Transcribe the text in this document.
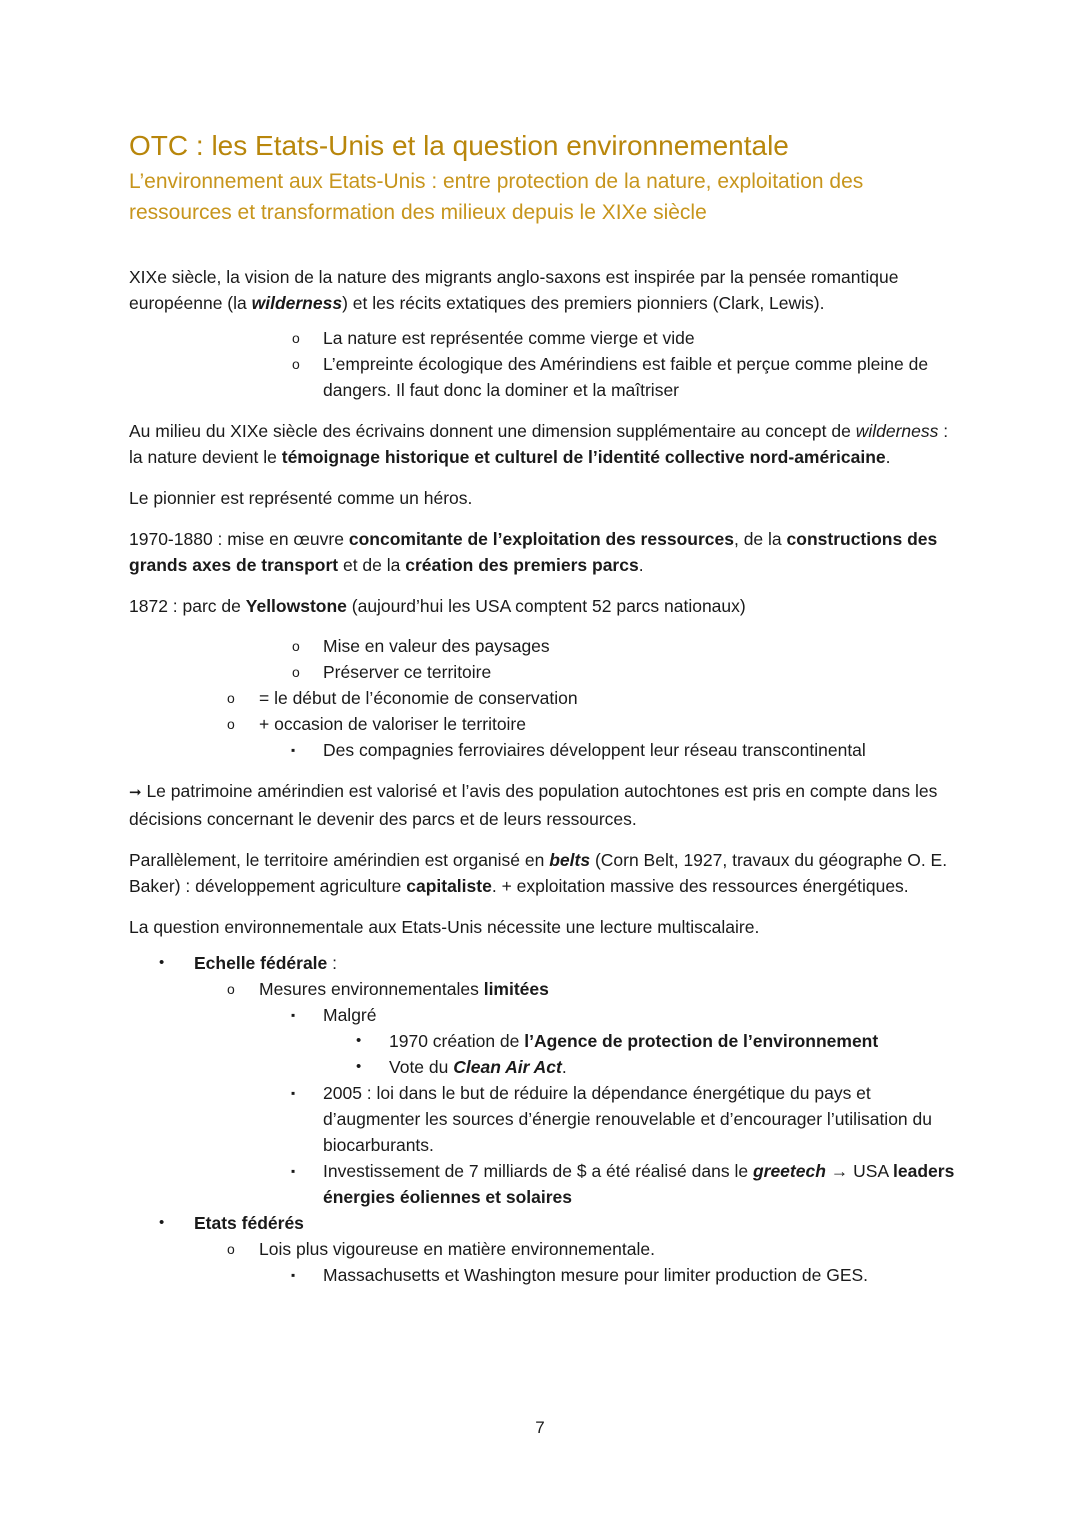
OTC : les Etats-Unis et la question environnementale
L’environnement aux Etats-Unis : entre protection de la nature, exploitation des ressources et transformation des milieux depuis le XIXe siècle

XIXe siècle, la vision de la nature des migrants anglo-saxons est inspirée par la pensée romantique européenne (la wilderness) et les récits extatiques des premiers pionniers (Clark, Lewis).

o La nature est représentée comme vierge et vide
o L’empreinte écologique des Amérindiens est faible et perçue comme pleine de dangers. Il faut donc la dominer et la maîtriser

Au milieu du XIXe siècle des écrivains donnent une dimension supplémentaire au concept de wilderness : la nature devient le témoignage historique et culturel de l’identité collective nord-américaine.

Le pionnier est représenté comme un héros.

1970-1880 : mise en œuvre concomitante de l’exploitation des ressources, de la constructions des grands axes de transport et de la création des premiers parcs.

1872 : parc de Yellowstone (aujourd’hui les USA comptent 52 parcs nationaux)

o Mise en valeur des paysages
o Préserver ce territoire
o = le début de l’économie de conservation
o + occasion de valoriser le territoire
▪ Des compagnies ferroviaires développent leur réseau transcontinental

➞ Le patrimoine amérindien est valorisé et l’avis des population autochtones est pris en compte dans les décisions concernant le devenir des parcs et de leurs ressources.

Parallèlement, le territoire amérindien est organisé en belts (Corn Belt, 1927, travaux du géographe O. E. Baker) : développement agriculture capitaliste. + exploitation massive des ressources énergétiques.

La question environnementale aux Etats-Unis nécessite une lecture multiscalaire.

• Echelle fédérale :
o Mesures environnementales limitées
▪ Malgré
• 1970 création de l’Agence de protection de l’environnement
• Vote du Clean Air Act.
▪ 2005 : loi dans le but de réduire la dépendance énergétique du pays et d’augmenter les sources d’énergie renouvelable et d’encourager l’utilisation du biocarburants.
▪ Investissement de 7 milliards de $ a été réalisé dans le greetech → USA leaders énergies éoliennes et solaires
• Etats fédérés
o Lois plus vigoureuse en matière environnementale.
▪ Massachusetts et Washington mesure pour limiter production de GES.
7
